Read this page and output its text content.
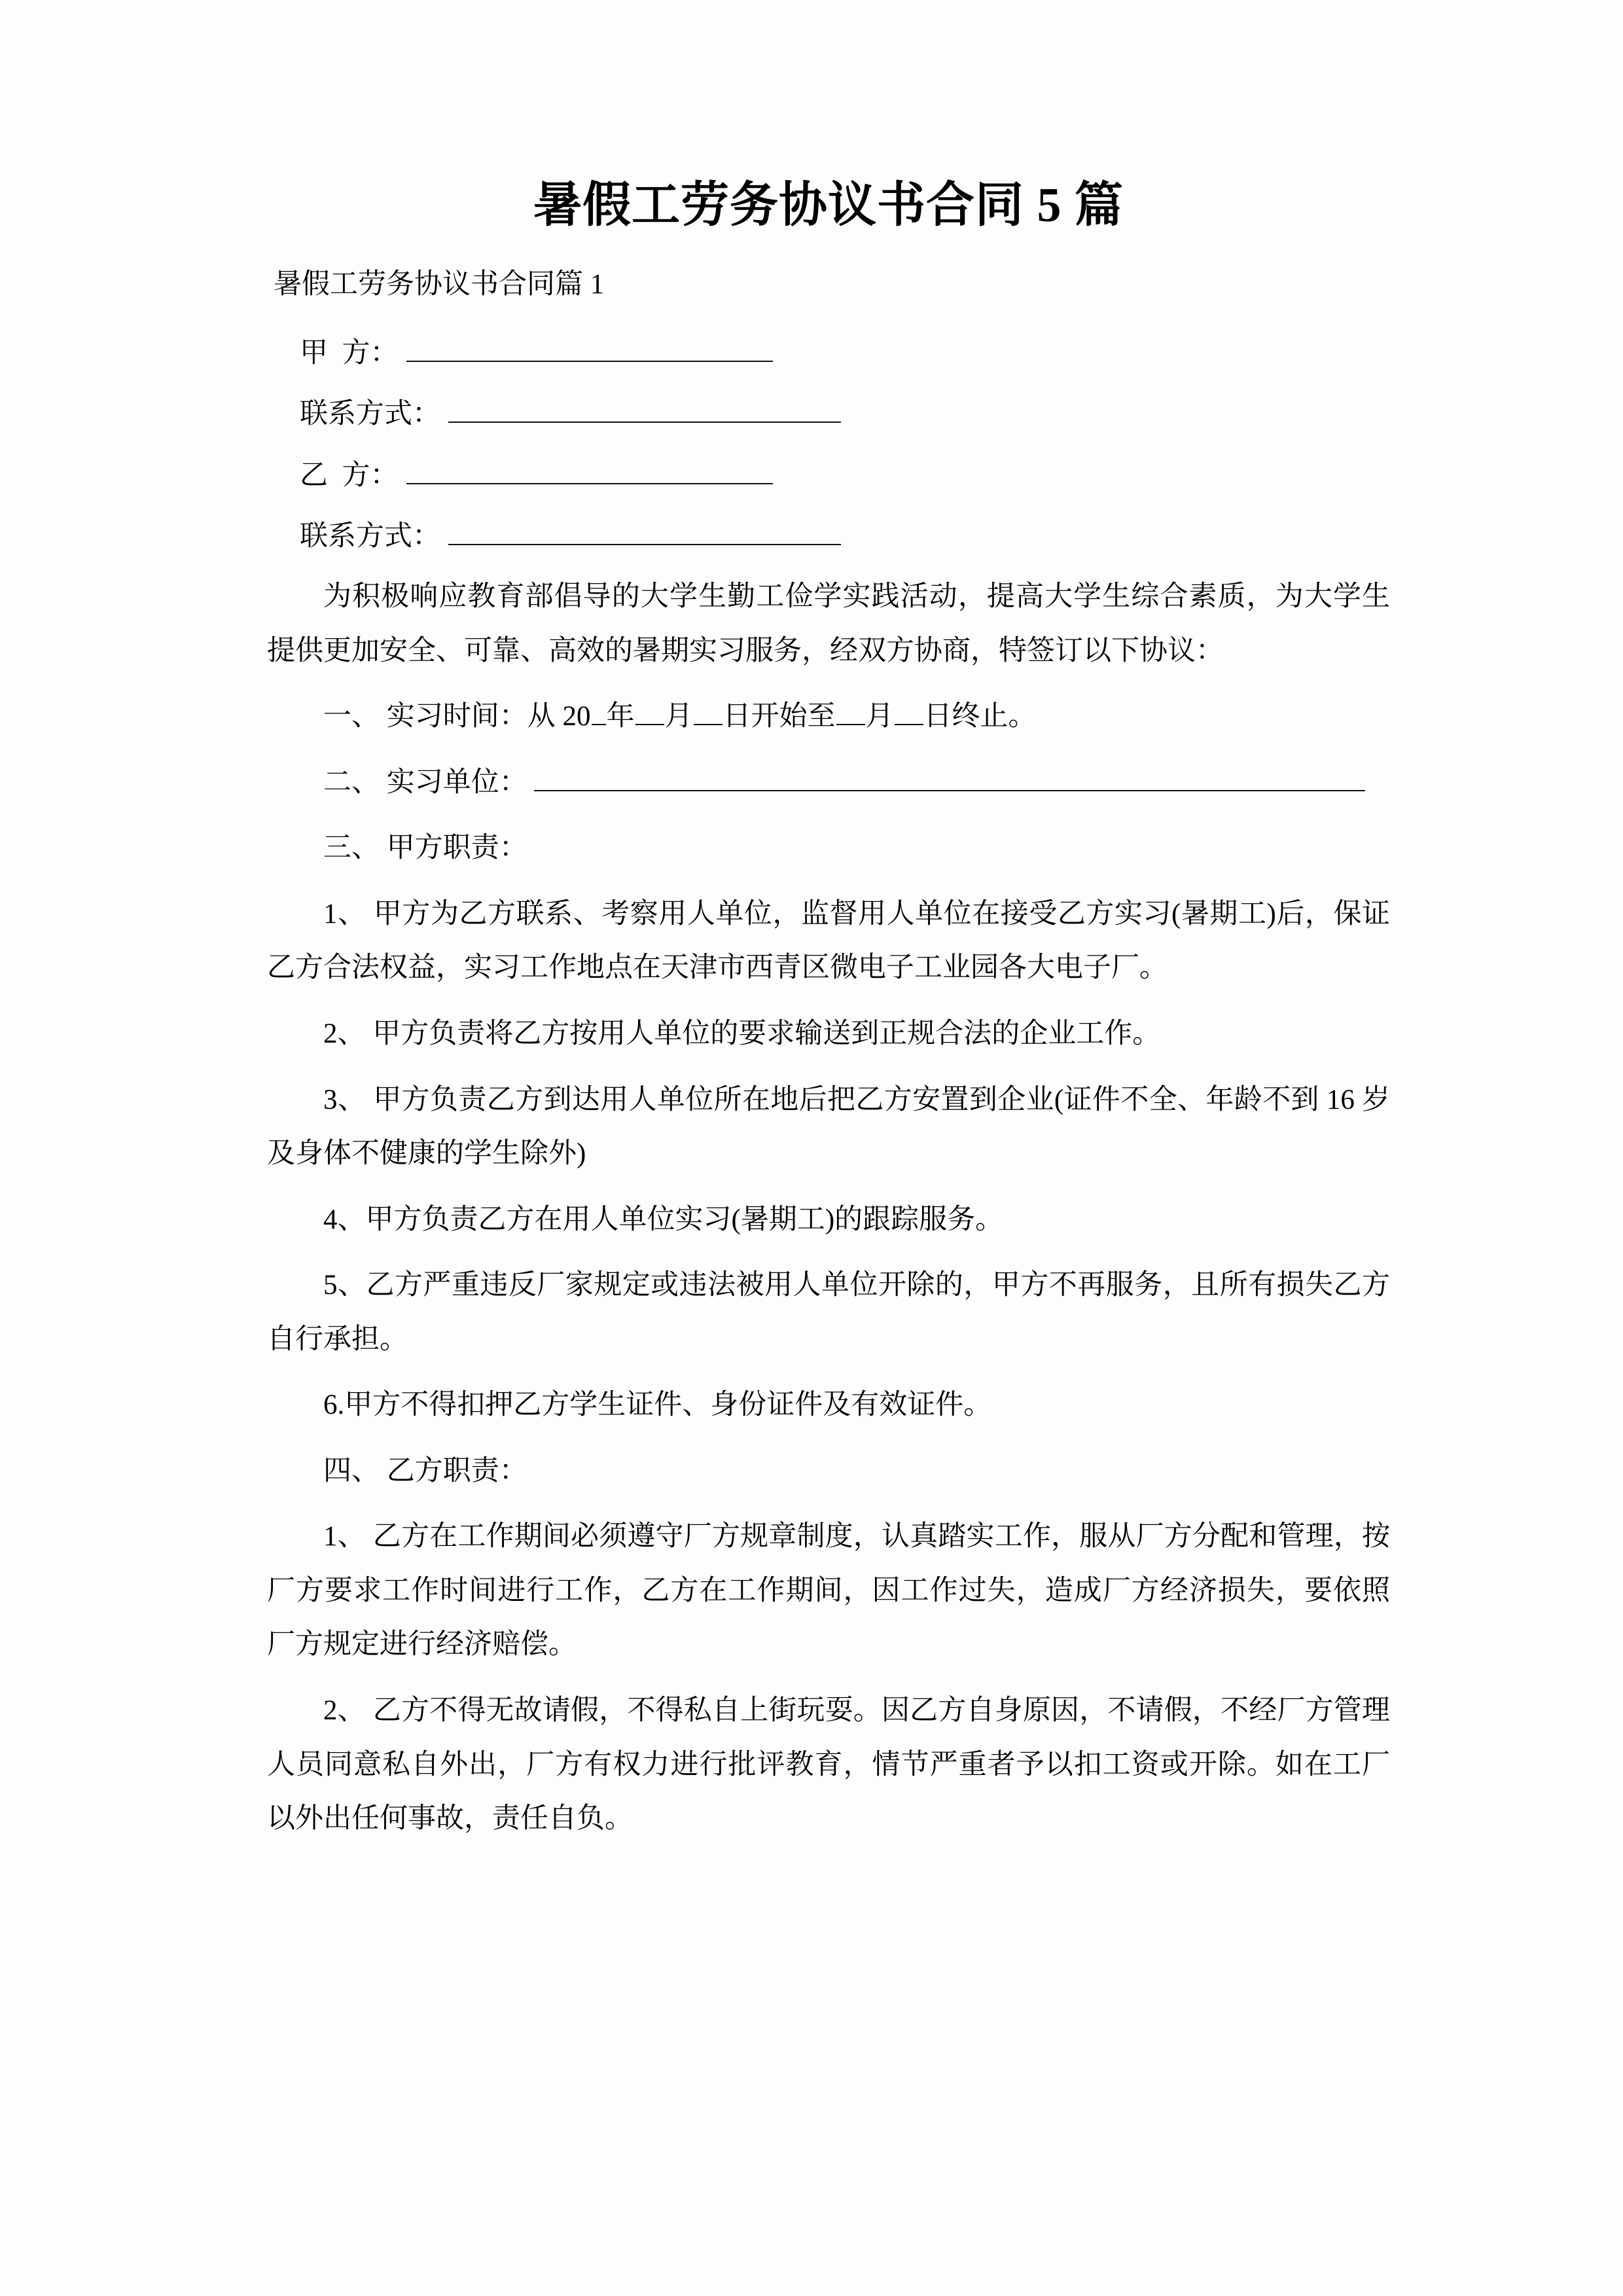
暑假工劳务协议书合同 5 篇

暑假工劳务协议书合同篇 1

甲  方：
联系方式：
乙  方：
联系方式：

为积极响应教育部倡导的大学生勤工俭学实践活动，提高大学生综合素质，为大学生提供更加安全、可靠、高效的暑期实习服务，经双方协商，特签订以下协议：

一、 实习时间：从 20 年 月 日开始至 月 日终止。

二、 实习单位：

三、 甲方职责：

1、 甲方为乙方联系、考察用人单位，监督用人单位在接受乙方实习(暑期工)后，保证乙方合法权益，实习工作地点在天津市西青区微电子工业园各大电子厂。

2、 甲方负责将乙方按用人单位的要求输送到正规合法的企业工作。

3、 甲方负责乙方到达用人单位所在地后把乙方安置到企业(证件不全、年龄不到 16 岁及身体不健康的学生除外)

4、甲方负责乙方在用人单位实习(暑期工)的跟踪服务。

5、乙方严重违反厂家规定或违法被用人单位开除的，甲方不再服务，且所有损失乙方自行承担。

6.甲方不得扣押乙方学生证件、身份证件及有效证件。

四、 乙方职责：

1、 乙方在工作期间必须遵守厂方规章制度，认真踏实工作，服从厂方分配和管理，按厂方要求工作时间进行工作，乙方在工作期间，因工作过失，造成厂方经济损失，要依照厂方规定进行经济赔偿。

2、 乙方不得无故请假，不得私自上街玩耍。因乙方自身原因，不请假，不经厂方管理人员同意私自外出，厂方有权力进行批评教育，情节严重者予以扣工资或开除。如在工厂以外出任何事故，责任自负。
